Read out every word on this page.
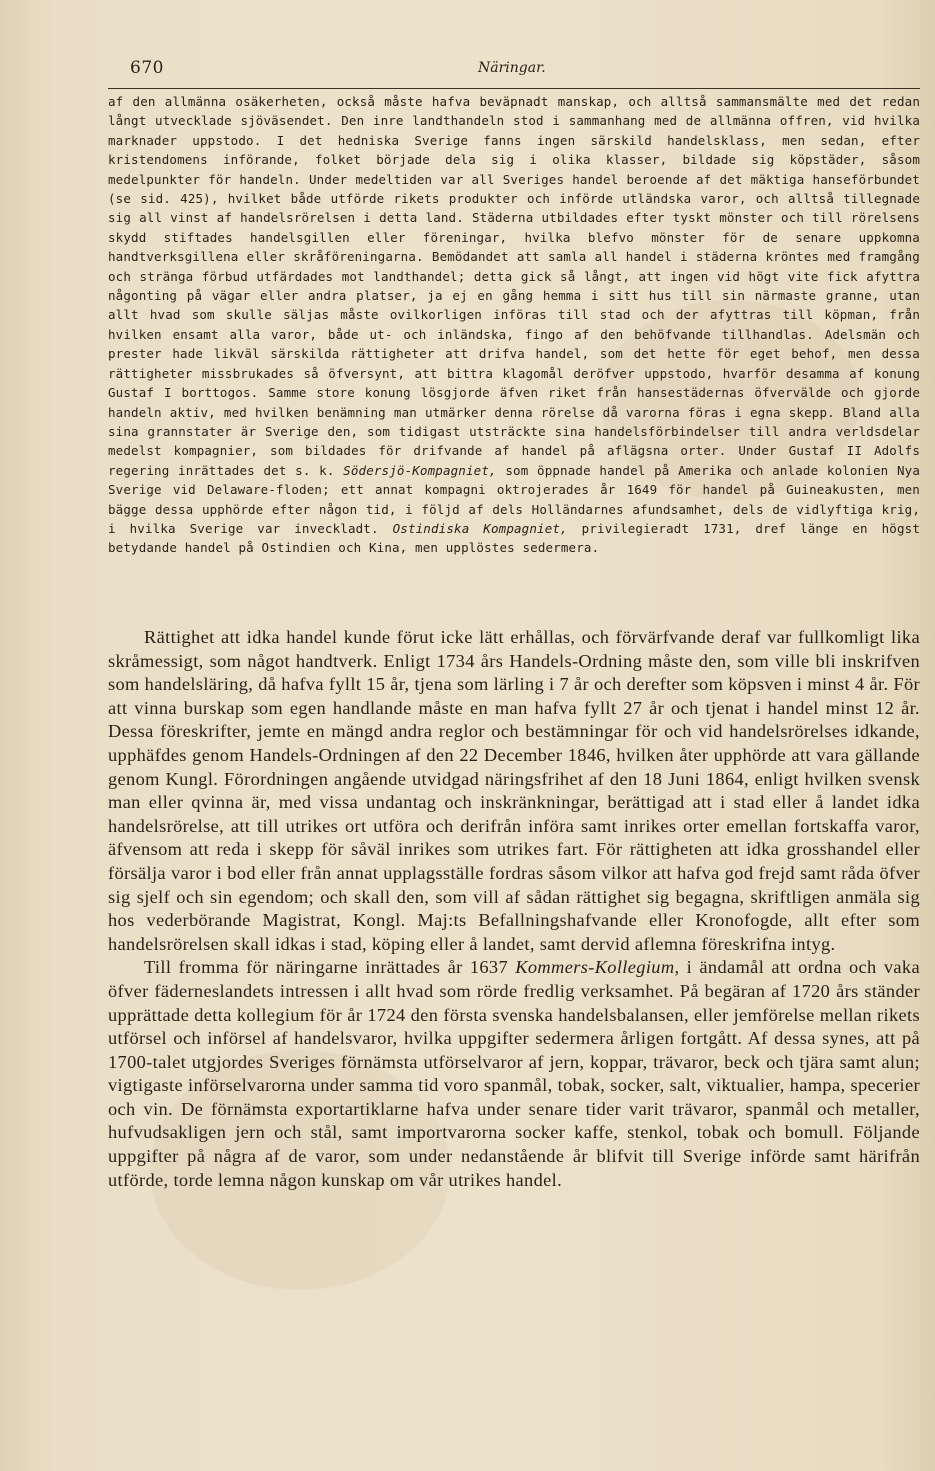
670	Näringar.

af den allmänna osäkerheten, också måste hafva beväpnadt manskap, och alltså sammansmälte med det redan långt utvecklade sjöväsendet. Den inre landthandeln stod i sammanhang med de allmänna offren, vid hvilka marknader uppstodo. I det hedniska Sverige fanns ingen särskild handelsklass, men sedan, efter kristendomens införande, folket började dela sig i olika klasser, bildade sig köpstäder, såsom medelpunkter för handeln. Under medeltiden var all Sveriges handel beroende af det mäktiga hanseförbundet (se sid. 425), hvilket både utförde rikets produkter och införde utländska varor, och alltså tillegnade sig all vinst af handelsrörelsen i detta land. Städerna utbildades efter tyskt mönster och till rörelsens skydd stiftades handelsgillen eller föreningar, hvilka blefvo mönster för de senare uppkomna handtverksgillena eller skråföreningarna. Bemödandet att samla all handel i städerna kröntes med framgång och stränga förbud utfärdades mot landthandel; detta gick så långt, att ingen vid högt vite fick afyttra någonting på vägar eller andra platser, ja ej en gång hemma i sitt hus till sin närmaste granne, utan allt hvad som skulle säljas måste ovilkorligen införas till stad och der afyttras till köpman, från hvilken ensamt alla varor, både ut- och inländska, fingo af den behöfvande tillhandlas. Adelsmän och prester hade likväl särskilda rättigheter att drifva handel, som det hette för eget behof, men dessa rättigheter missbrukades så öfversynt, att bittra klagomål deröfver uppstodo, hvarför desamma af konung Gustaf I borttogos. Samme store konung lösgjorde äfven riket från hansestädernas öfvervälde och gjorde handeln aktiv, med hvilken benämning man utmärker denna rörelse då varorna föras i egna skepp. Bland alla sina grannstater är Sverige den, som tidigast utsträckte sina handelsförbindelser till andra verldsdelar medelst kompagnier, som bildades för drifvande af handel på aflägsna orter. Under Gustaf II Adolfs regering inrättades det s. k. Södersjö-Kompagniet, som öppnade handel på Amerika och anlade kolonien Nya Sverige vid Delaware-floden; ett annat kompagni oktrojerades år 1649 för handel på Guineakusten, men bägge dessa upphörde efter någon tid, i följd af dels Holländarnes afundsamhet, dels de vidlyftiga krig, i hvilka Sverige var inveckladt. Ostindiska Kompagniet, privilegieradt 1731, dref länge en högst betydande handel på Ostindien och Kina, men upplöstes sedermera.

Rättighet att idka handel kunde förut icke lätt erhållas, och förvärfvande deraf var fullkomligt lika skråmessigt, som något handtverk. Enligt 1734 års Handels-Ordning måste den, som ville bli inskrifven som handelsläring, då hafva fyllt 15 år, tjena som lärling i 7 år och derefter som köpsven i minst 4 år. För att vinna burskap som egen handlande måste en man hafva fyllt 27 år och tjenat i handel minst 12 år. Dessa föreskrifter, jemte en mängd andra reglor och bestämningar för och vid handelsrörelses idkande, upphäfdes genom Handels-Ordningen af den 22 December 1846, hvilken åter upphörde att vara gällande genom Kungl. Förordningen angående utvidgad näringsfrihet af den 18 Juni 1864, enligt hvilken svensk man eller qvinna är, med vissa undantag och inskränkningar, berättigad att i stad eller å landet idka handelsrörelse, att till utrikes ort utföra och derifrån införa samt inrikes orter emellan fortskaffa varor, äfvensom att reda i skepp för såväl inrikes som utrikes fart. För rättigheten att idka grosshandel eller försälja varor i bod eller från annat upplagsställe fordras såsom vilkor att hafva god frejd samt råda öfver sig sjelf och sin egendom; och skall den, som vill af sådan rättighet sig begagna, skriftligen anmäla sig hos vederbörande Magistrat, Kongl. Maj:ts Befallningshafvande eller Kronofogde, allt efter som handelsrörelsen skall idkas i stad, köping eller å landet, samt dervid aflemna föreskrifna intyg.

Till fromma för näringarne inrättades år 1637 Kommers-Kollegium, i ändamål att ordna och vaka öfver fäderneslandets intressen i allt hvad som rörde fredlig verksamhet. På begäran af 1720 års ständer upprättade detta kollegium för år 1724 den första svenska handelsbalansen, eller jemförelse mellan rikets utförsel och införsel af handelsvaror, hvilka uppgifter sedermera årligen fortgått. Af dessa synes, att på 1700-talet utgjordes Sveriges förnämsta utförselvaror af jern, koppar, trävaror, beck och tjära samt alun; vigtigaste införselvarorna under samma tid voro spanmål, tobak, socker, salt, viktualier, hampa, specerier och vin. De förnämsta exportartiklarne hafva under senare tider varit trävaror, spanmål och metaller, hufvudsakligen jern och stål, samt importvarorna socker kaffe, stenkol, tobak och bomull. Följande uppgifter på några af de varor, som under nedanstående år blifvit till Sverige införde samt härifrån utförde, torde lemna någon kunskap om vår utrikes handel.
